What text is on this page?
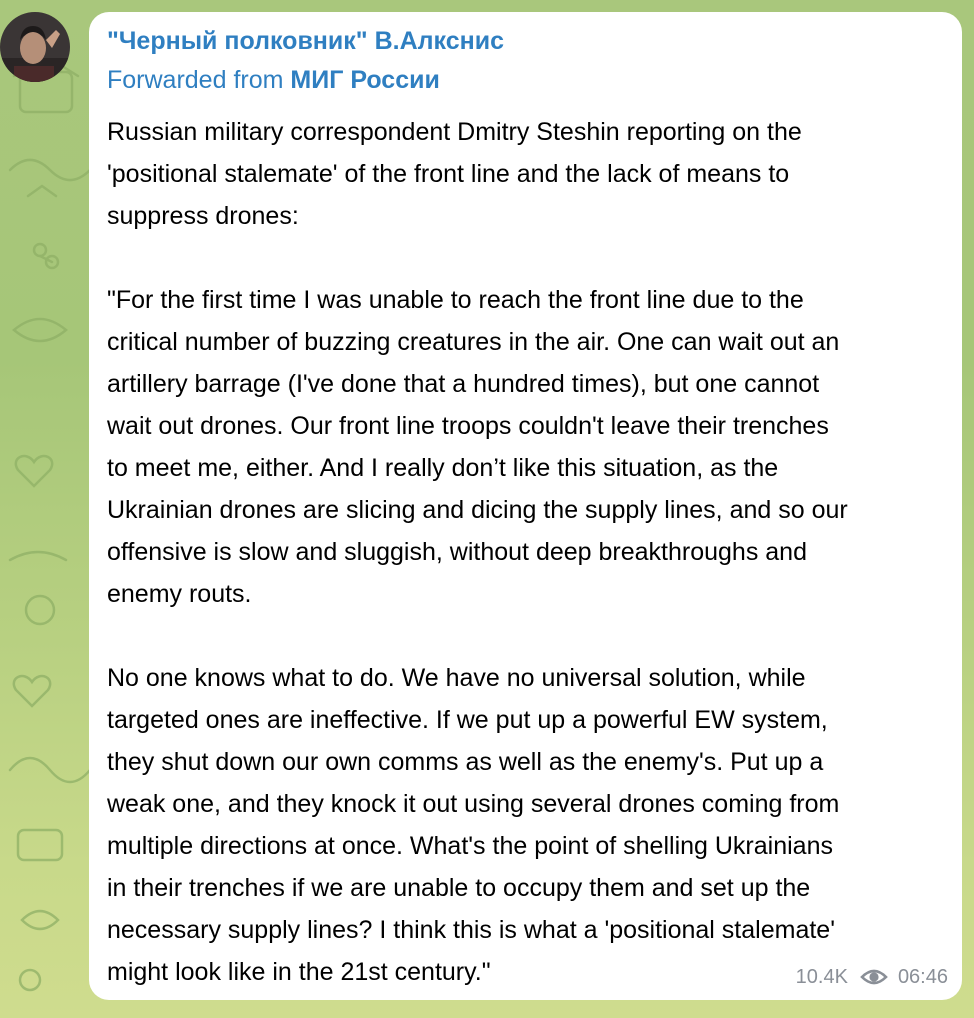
"Черный полковник" В.Алкснис
Forwarded from МИГ России

Russian military correspondent Dmitry Steshin reporting on the

'positional stalemate' of the front line and the lack of means to

suppress drones:

"For the first time I was unable to reach the front line due to the

critical number of buzzing creatures in the air. One can wait out an

artillery barrage (I've done that a hundred times), but one cannot

wait out drones. Our front line troops couldn't leave their trenches

to meet me, either. And I really don’t like this situation, as the

Ukrainian drones are slicing and dicing the supply lines, and so our

offensive is slow and sluggish, without deep breakthroughs and

enemy routs.

No one knows what to do. We have no universal solution, while

targeted ones are ineffective. If we put up a powerful EW system,

they shut down our own comms as well as the enemy's. Put up a

weak one, and they knock it out using several drones coming from

multiple directions at once. What's the point of shelling Ukrainians

in their trenches if we are unable to occupy them and set up the

necessary supply lines? I think this is what a 'positional stalemate'

might look like in the 21st century."	10.4K	06:46
